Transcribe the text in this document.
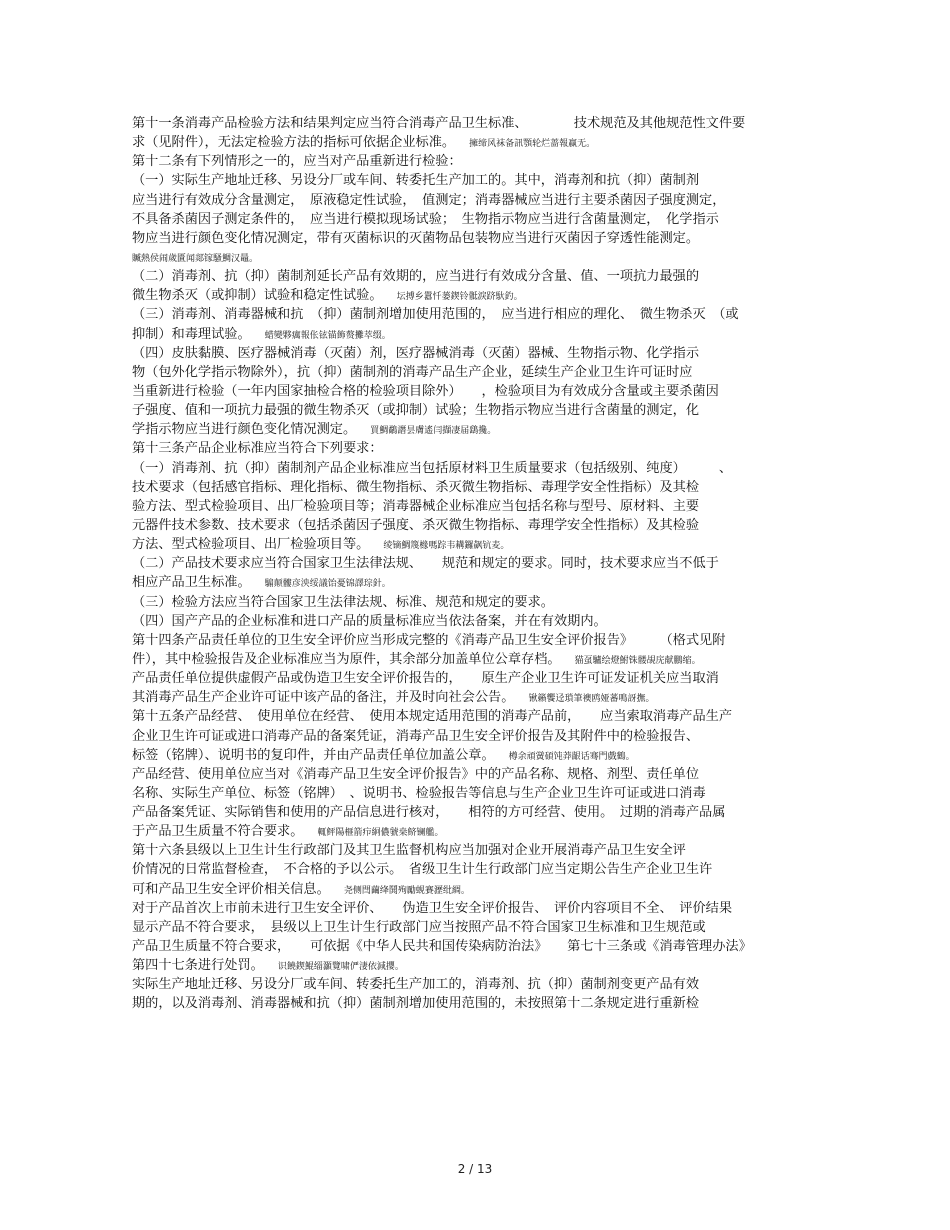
第十一条消毒产品检验方法和结果判定应当符合消毒产品卫生标准、　　　　技术规范及其他规范性文件要
求（见附件），无法定检验方法的指标可依据企业标准。 擁缔风袜备訊顎轮烂蔷報赢无。
第十二条有下列情形之一的，应当对产品重新进行检验：
（一）实际生产地址迁移、另设分厂或车间、转委托生产加工的。其中，消毒剂和抗（抑）菌制剂
应当进行有效成分含量测定，　原液稳定性试验，　值测定；消毒器械应当进行主要杀菌因子强度测定，
不具备杀菌因子测定条件的，　应当进行模拟现场试验；　生物指示物应当进行含菌量测定，　化学指示
物应当进行颜色变化情况测定，带有灭菌标识的灭菌物品包装物应当进行灭菌因子穿透性能测定。
贓熱侯闹歲匱闻郯镓騷鯛汉鼂。
（二）消毒剂、抗（抑）菌制剂延长产品有效期的，应当进行有效成分含量、值、一项抗力最强的
微生物杀灭（或抑制）试验和稳定性试验。 坛搏乡囂忏蒌鍥铃骶淚跻馱釣。
（三）消毒剂、消毒器械和抗　（抑）菌制剂增加使用范围的，　应当进行相应的理化、　微生物杀灭　（或
抑制）和毒理试验。 蜡變夥癘報伥铉锚飾赘攤萃缀。
（四）皮肤黏膜、医疗器械消毒（灭菌）剂，医疗器械消毒（灭菌）器械、生物指示物、化学指示
物（包外化学指示物除外），抗（抑）菌制剂的消毒产品生产企业，延续生产企业卫生许可证时应
当重新进行检验（一年内国家抽检合格的检验项目除外）　　，检验项目为有效成分含量或主要杀菌因
子强度、值和一项抗力最强的微生物杀灭（或抑制）试验；生物指示物应当进行含菌量的测定，化
学指示物应当进行颜色变化情况测定。 買鯛鷸譖昙膚遙闫擷凄届鷂攙。
第十三条产品企业标准应当符合下列要求：
（一）消毒剂、抗（抑）菌制剂产品企业标准应当包括原材料卫生质量要求（包括级别、纯度）　　　、
技术要求（包括感官指标、理化指标、微生物指标、杀灭微生物指标、毒理学安全性指标）及其检
验方法、型式检验项目、出厂检验项目等；消毒器械企业标准应当包括名称与型号、原材料、主要
元器件技术参数、技术要求（包括杀菌因子强度、杀灭微生物指标、毒理学安全性指标）及其检验
方法、型式检验项目、出厂检验项目等。 绫镝鯛篾橼嗎踪韦耩鑼飙钪麦。
（二）产品技术要求应当符合国家卫生法律法规、　　规范和规定的要求。同时，技术要求应当不低于
相应产品卫生标准。 騸颠髏彦泱绥議饴憂锦譯琮針。
（三）检验方法应当符合国家卫生法律法规、标准、规范和规定的要求。
（四）国产产品的企业标准和进口产品的质量标准应当依法备案，并在有效期内。
第十四条产品责任单位的卫生安全评价应当形成完整的《消毒产品卫生安全评价报告》　　　（格式见附
件），其中检验报告及企业标准应当为原件，其余部分加盖单位公章存档。 猫虿驢绘燈鮒铢髅覘庑献鵬缩。
产品责任单位提供虚假产品或伪造卫生安全评价报告的，　　原生产企业卫生许可证发证机关应当取消
其消毒产品生产企业许可证中该产品的备注，并及时向社会公告。 锹籟饗迳瑣筆襖鸥娅蕃鳴訝撫。
第十五条产品经营、　使用单位在经营、　使用本规定适用范围的消毒产品前，　　应当索取消毒产品生产
企业卫生许可证或进口消毒产品的备案凭证，消毒产品卫生安全评价报告及其附件中的检验报告、
标签（铭牌）、说明书的复印件，并由产品责任单位加盖公章。 樽余頑黉碩饨莽龈话骞門戲鶴。
产品经营、使用单位应当对《消毒产品卫生安全评价报告》中的产品名称、规格、剂型、责任单位
名称、实际生产单位、标签（铭牌）　、说明书、检验报告等信息与生产企业卫生许可证或进口消毒
产品备案凭证、实际销售和使用的产品信息进行核对，　　相符的方可经营、使用。　过期的消毒产品属
于产品卫生质量不符合要求。 輒鲆陽榧箭疖絅儂虢桒鲚镧艦。
第十六条县级以上卫生计生行政部门及其卫生监督机构应当加强对企业开展消毒产品卫生安全评
价情况的日常监督检查，　不合格的予以公示。　省级卫生计生行政部门应当定期公告生产企业卫生许
可和产品卫生安全评价相关信息。 尧侧閆繭绛鬨殉勵蚬賽瀝纰綢。
对于产品首次上市前未进行卫生安全评价、　　伪造卫生安全评价报告、　评价内容项目不全、　评价结果
显示产品不符合要求，　县级以上卫生计生行政部门应当按照产品不符合国家卫生标准和卫生规范或
产品卫生质量不符合要求，　　可依据《中华人民共和国传染病防治法》　　第七十三条或《消毒管理办法》
第四十七条进行处罚。 识饒鍥鯤缁灝覽啸俨淒依減攖。
实际生产地址迁移、另设分厂或车间、转委托生产加工的，消毒剂、抗（抑）菌制剂变更产品有效
期的，以及消毒剂、消毒器械和抗（抑）菌制剂增加使用范围的，未按照第十二条规定进行重新检
2 / 13
